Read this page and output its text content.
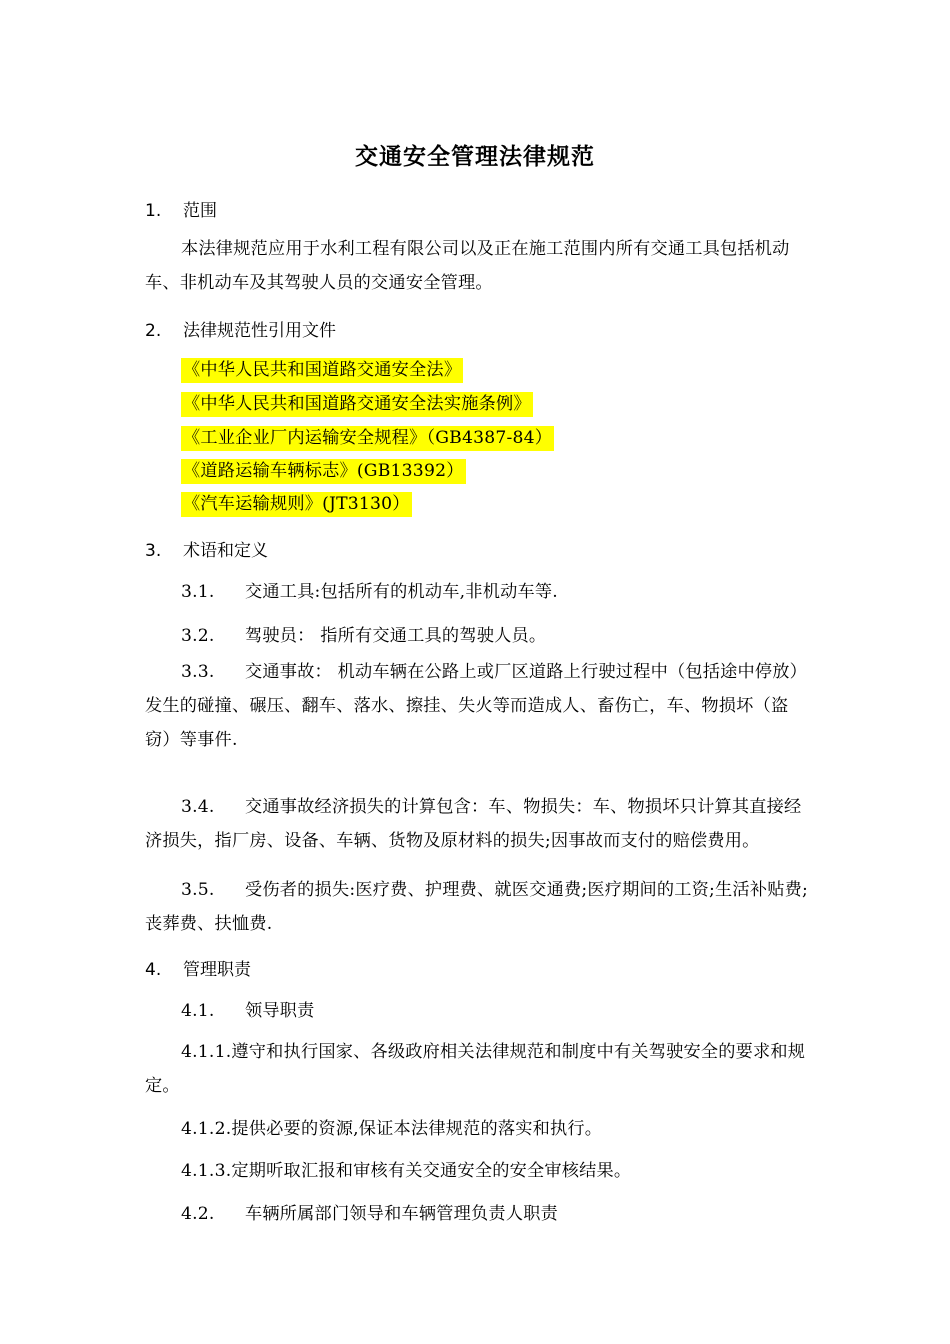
交通安全管理法律规范
1. 范围
本法律规范应用于水利工程有限公司以及正在施工范围内所有交通工具包括机动车、非机动车及其驾驶人员的交通安全管理。
2. 法律规范性引用文件
《中华人民共和国道路交通安全法》
《中华人民共和国道路交通安全法实施条例》
《工业企业厂内运输安全规程》（GB4387-84）
《道路运输车辆标志》(GB13392）
《汽车运输规则》(JT3130）
3. 术语和定义
3.1. 交通工具:包括所有的机动车,非机动车等.
3.2. 驾驶员： 指所有交通工具的驾驶人员。
3.3. 交通事故： 机动车辆在公路上或厂区道路上行驶过程中（包括途中停放）发生的碰撞、碾压、翻车、落水、擦挂、失火等而造成人、畜伤亡，车、物损坏（盗窃）等事件.
3.4. 交通事故经济损失的计算包含：车、物损失：车、物损坏只计算其直接经济损失，指厂房、设备、车辆、货物及原材料的损失;因事故而支付的赔偿费用。
3.5. 受伤者的损失:医疗费、护理费、就医交通费;医疗期间的工资;生活补贴费;丧葬费、扶恤费.
4. 管理职责
4.1. 领导职责
4.1.1.遵守和执行国家、各级政府相关法律规范和制度中有关驾驶安全的要求和规定。
4.1.2.提供必要的资源,保证本法律规范的落实和执行。
4.1.3.定期听取汇报和审核有关交通安全的安全审核结果。
4.2. 车辆所属部门领导和车辆管理负责人职责
